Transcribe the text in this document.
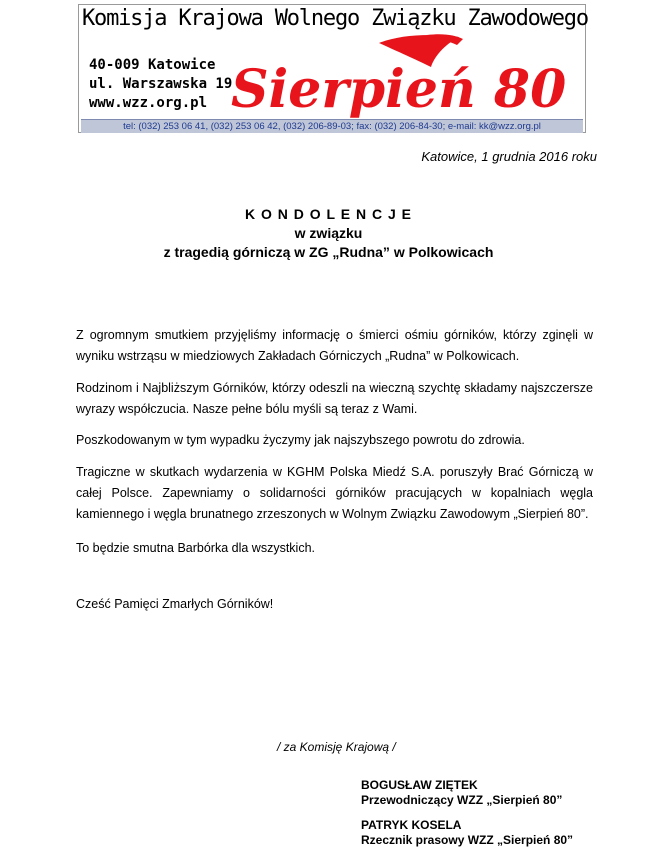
Komisja Krajowa Wolnego Związku Zawodowego
40-009 Katowice
ul. Warszawska 19
www.wzz.org.pl Sierpień 80
tel: (032) 253 06 41, (032) 253 06 42, (032) 206-89-03; fax: (032) 206-84-30; e-mail: kk@wzz.org.pl
Katowice, 1 grudnia 2016 roku
K O N D O L E N C J E
w związku
z tragedią górniczą w ZG „Rudna” w Polkowicach
Z ogromnym smutkiem przyjęliśmy informację o śmierci ośmiu górników, którzy zginęli w wyniku wstrząsu w miedziowych Zakładach Górniczych „Rudna” w Polkowicach.
Rodzinom i Najbliższym Górników, którzy odeszli na wieczną szychtę składamy najszczersze wyrazy współczucia. Nasze pełne bólu myśli są teraz z Wami.
Poszkodowanym w tym wypadku życzymy jak najszybszego powrotu do zdrowia.
Tragiczne w skutkach wydarzenia w KGHM Polska Miedź S.A. poruszyły Brać Górniczą w całej Polsce. Zapewniamy o solidarności górników pracujących w kopalniach węgla kamiennego i węgla brunatnego zrzeszonych w Wolnym Związku Zawodowym „Sierpień 80”.
To będzie smutna Barbórka dla wszystkich.
Cześć Pamięci Zmarłych Górników!
/ za Komisję Krajową /
BOGUSŁAW ZIĘTEK
Przewodniczący WZZ „Sierpień 80”
PATRYK KOSELA
Rzecznik prasowy WZZ „Sierpień 80”
